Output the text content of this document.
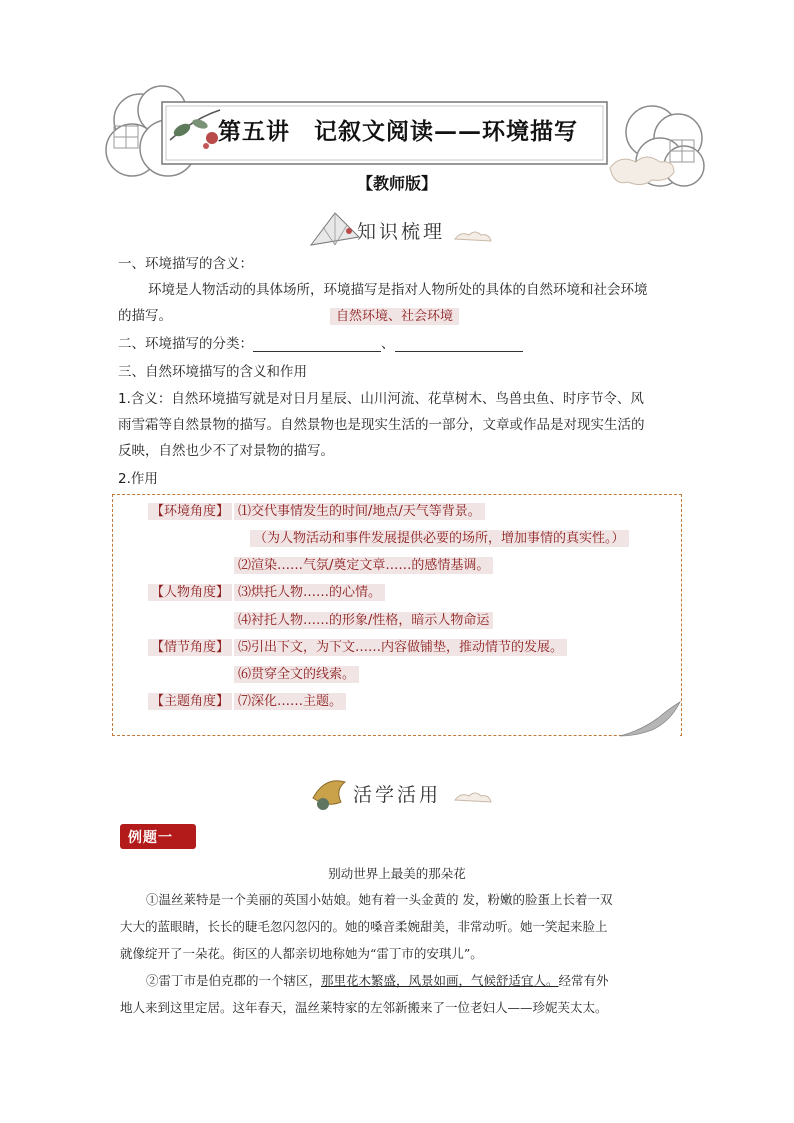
第五讲　记叙文阅读——环境描写
【教师版】
知识梳理
一、环境描写的含义：
环境是人物活动的具体场所，环境描写是指对人物所处的具体的自然环境和社会环境
的描写。	自然环境、社会环境
二、环境描写的分类：	、
三、自然环境描写的含义和作用
1.含义：自然环境描写就是对日月星辰、山川河流、花草树木、鸟兽虫鱼、时序节令、风
雨雪霜等自然景物的描写。自然景物也是现实生活的一部分，文章或作品是对现实生活的
反映，自然也少不了对景物的描写。
2.作用
【环境角度】 ⑴交代事情发生的时间/地点/天气等背景。
（为人物活动和事件发展提供必要的场所，增加事情的真实性。）
⑵渲染……气氛/奠定文章……的感情基调。
【人物角度】 ⑶烘托人物……的心情。
⑷衬托人物……的形象/性格，暗示人物命运
【情节角度】 ⑸引出下文，为下文……内容做铺垫，推动情节的发展。
⑹贯穿全文的线索。
【主题角度】 ⑺深化……主题。
活学活用
例题一
别动世界上最美的那朵花
①温丝莱特是一个美丽的英国小姑娘。她有着一头金黄的 发，粉嫩的脸蛋上长着一双
大大的蓝眼睛，长长的睫毛忽闪忽闪的。她的嗓音柔婉甜美，非常动听。她一笑起来脸上
就像绽开了一朵花。街区的人都亲切地称她为“雷丁市的安琪儿”。
②雷丁市是伯克郡的一个辖区，那里花木繁盛，风景如画，气候舒适宜人。经常有外
地人来到这里定居。这年春天，温丝莱特家的左邻新搬来了一位老妇人——珍妮芙太太。
